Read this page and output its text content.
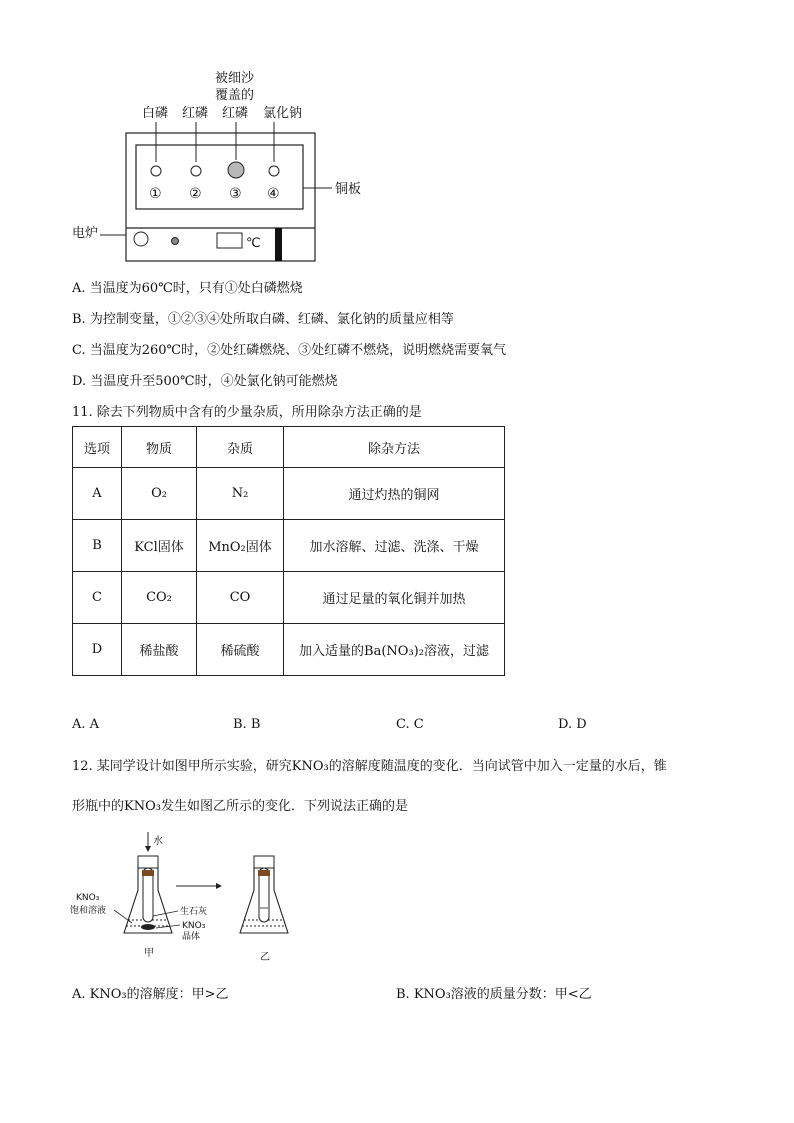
被细沙
覆盖的
白磷 红磷 红磷 氯化钠
① ② ③ ④	铜板
℃
电炉
A. 当温度为60℃时，只有①处白磷燃烧
B. 为控制变量，①②③④处所取白磷、红磷、氯化钠的质量应相等
C. 当温度为260℃时，②处红磷燃烧、③处红磷不燃烧，说明燃烧需要氧气
D. 当温度升至500℃时，④处氯化钠可能燃烧
11. 除去下列物质中含有的少量杂质，所用除杂方法正确的是
选项	物质	杂质	除杂方法
A	O₂	N₂	通过灼热的铜网
B	KCl固体	MnO₂固体	加水溶解、过滤、洗涤、干燥
C	CO₂	CO	通过足量的氧化铜并加热
D	稀盐酸	稀硫酸	加入适量的Ba(NO₃)₂溶液，过滤
A. A	B. B	C. C	D. D
12. 某同学设计如图甲所示实验，研究KNO₃的溶解度随温度的变化．当向试管中加入一定量的水后，锥
形瓶中的KNO₃发生如图乙所示的变化．下列说法正确的是
水
KNO₃
饱和溶液	生石灰
KNO₃
晶体
甲	乙
A. KNO₃的溶解度：甲>乙	B. KNO₃溶液的质量分数：甲<乙
